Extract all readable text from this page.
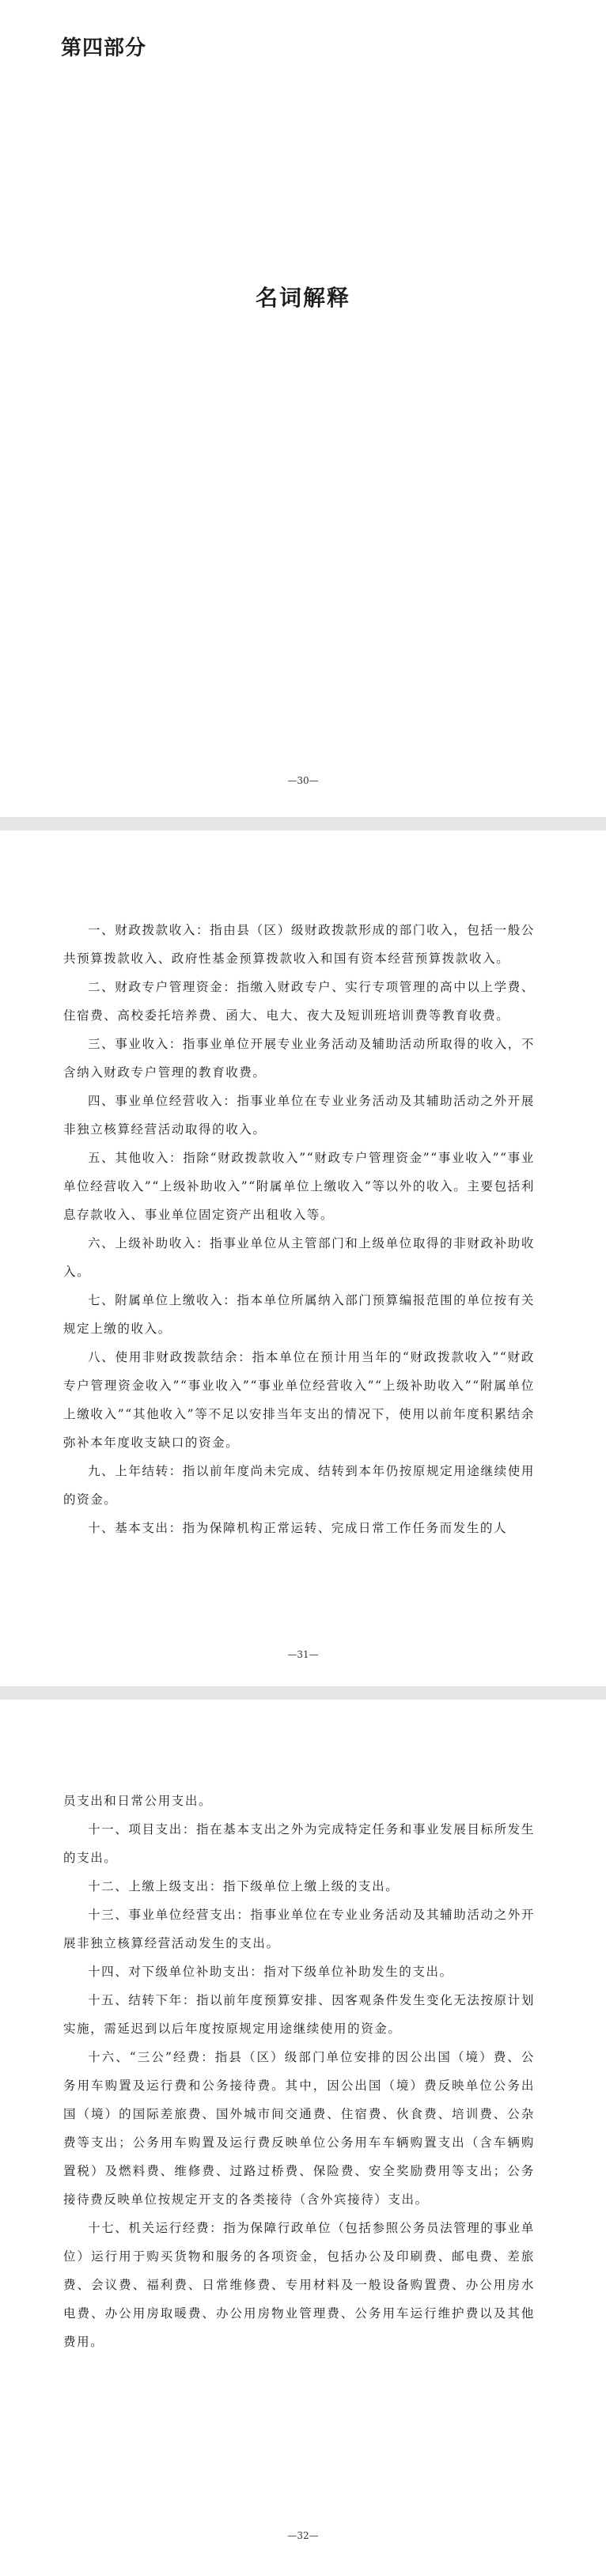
第四部分
名词解释
—30—

一、财政拨款收入：指由县（区）级财政拨款形成的部门收入，包括一般公共预算拨款收入、政府性基金预算拨款收入和国有资本经营预算拨款收入。

二、财政专户管理资金：指缴入财政专户、实行专项管理的高中以上学费、住宿费、高校委托培养费、函大、电大、夜大及短训班培训费等教育收费。

三、事业收入：指事业单位开展专业业务活动及辅助活动所取得的收入，不含纳入财政专户管理的教育收费。

四、事业单位经营收入：指事业单位在专业业务活动及其辅助活动之外开展非独立核算经营活动取得的收入。

五、其他收入：指除“财政拨款收入”“财政专户管理资金”“事业收入”“事业单位经营收入”“上级补助收入”“附属单位上缴收入”等以外的收入。主要包括利息存款收入、事业单位固定资产出租收入等。

六、上级补助收入：指事业单位从主管部门和上级单位取得的非财政补助收入。

七、附属单位上缴收入：指本单位所属纳入部门预算编报范围的单位按有关规定上缴的收入。

八、使用非财政拨款结余：指本单位在预计用当年的“财政拨款收入”“财政专户管理资金收入”“事业收入”“事业单位经营收入”“上级补助收入”“附属单位上缴收入”“其他收入”等不足以安排当年支出的情况下，使用以前年度积累结余弥补本年度收支缺口的资金。

九、上年结转：指以前年度尚未完成、结转到本年仍按原规定用途继续使用的资金。

十、基本支出：指为保障机构正常运转、完成日常工作任务而发生的人

—31—

员支出和日常公用支出。

十一、项目支出：指在基本支出之外为完成特定任务和事业发展目标所发生的支出。

十二、上缴上级支出：指下级单位上缴上级的支出。

十三、事业单位经营支出：指事业单位在专业业务活动及其辅助活动之外开展非独立核算经营活动发生的支出。

十四、对下级单位补助支出：指对下级单位补助发生的支出。

十五、结转下年：指以前年度预算安排、因客观条件发生变化无法按原计划实施，需延迟到以后年度按原规定用途继续使用的资金。

十六、“三公”经费：指县（区）级部门单位安排的因公出国（境）费、公务用车购置及运行费和公务接待费。其中，因公出国（境）费反映单位公务出国（境）的国际差旅费、国外城市间交通费、住宿费、伙食费、培训费、公杂费等支出；公务用车购置及运行费反映单位公务用车车辆购置支出（含车辆购置税）及燃料费、维修费、过路过桥费、保险费、安全奖励费用等支出；公务接待费反映单位按规定开支的各类接待（含外宾接待）支出。

十七、机关运行经费：指为保障行政单位（包括参照公务员法管理的事业单位）运行用于购买货物和服务的各项资金，包括办公及印刷费、邮电费、差旅费、会议费、福利费、日常维修费、专用材料及一般设备购置费、办公用房水电费、办公用房取暖费、办公用房物业管理费、公务用车运行维护费以及其他费用。

—32—
